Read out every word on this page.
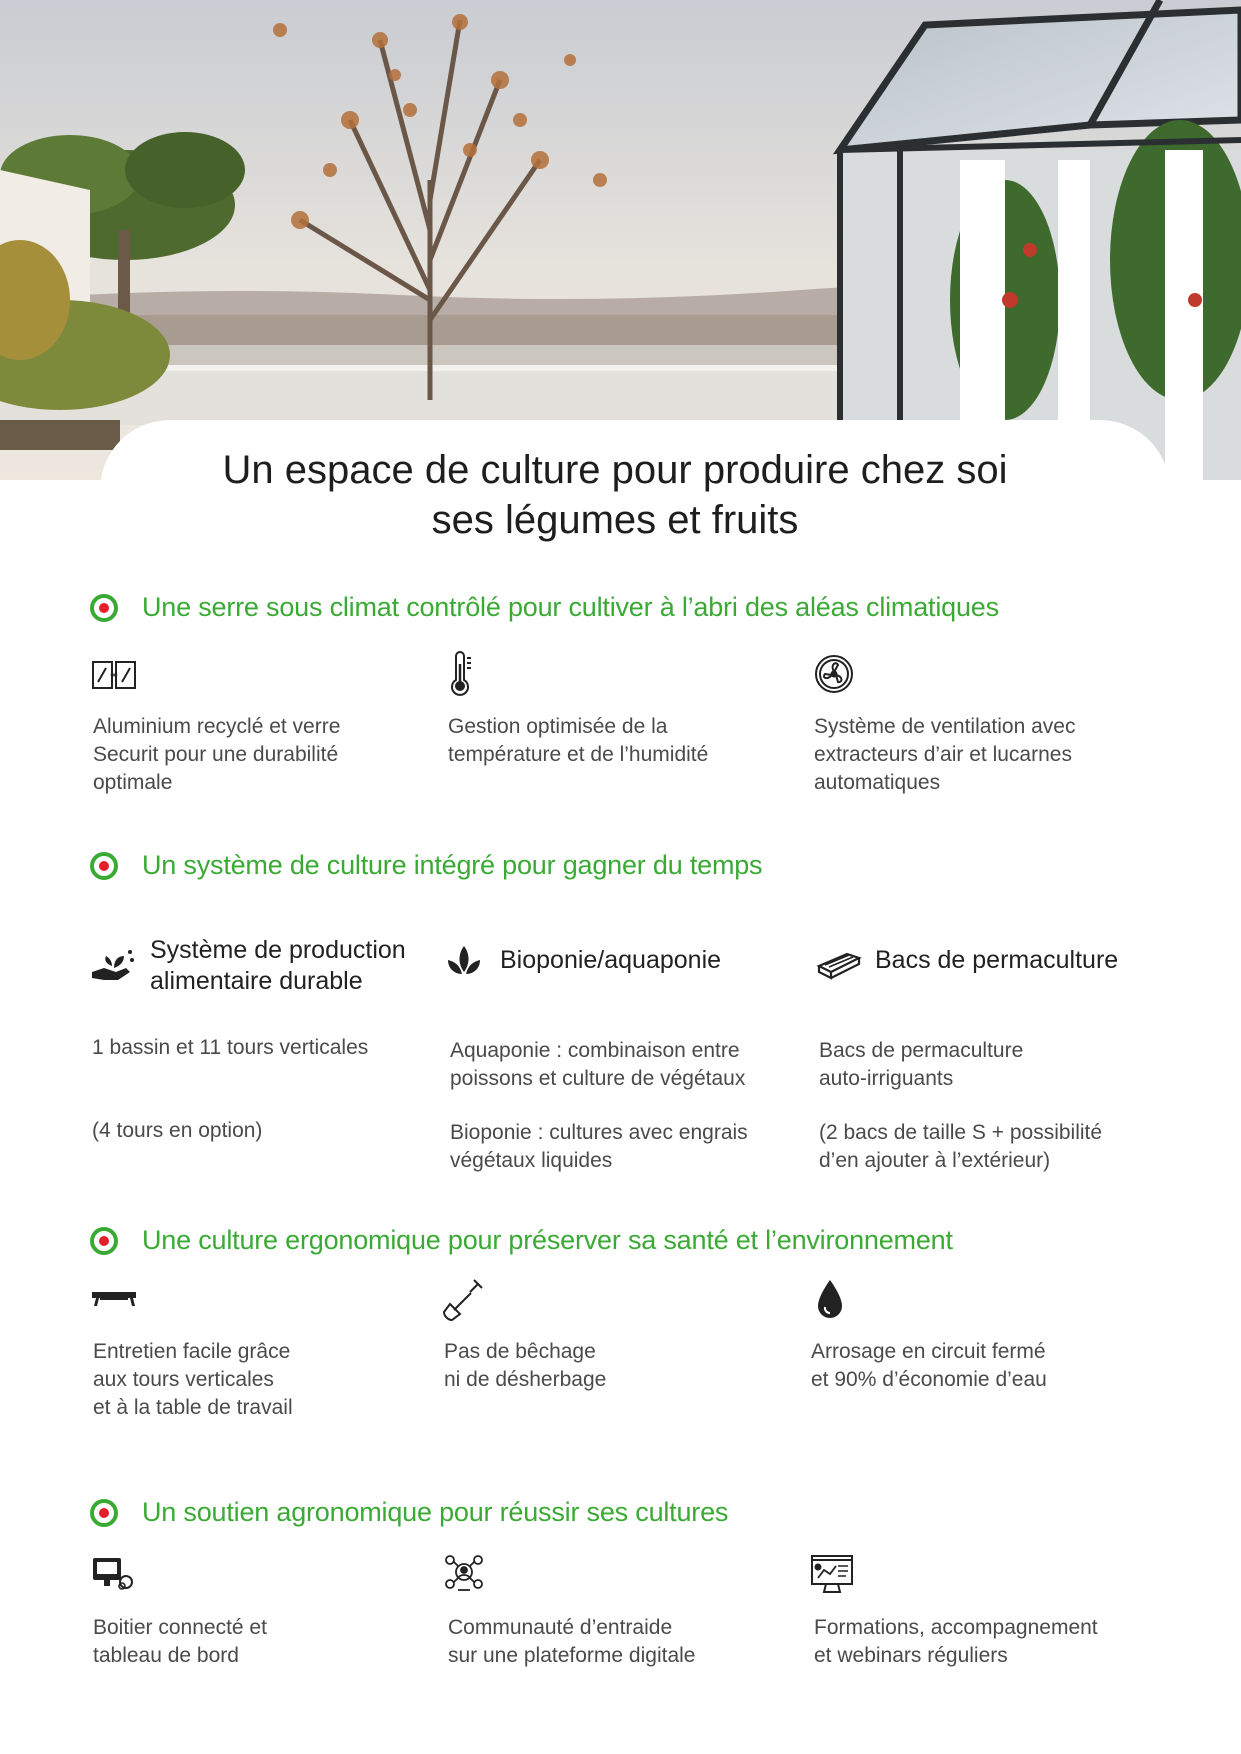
Un espace de culture pour produire chez soi
ses légumes et fruits
Une serre sous climat contrôlé pour cultiver à l’abri des aléas climatiques

Aluminium recyclé et verre
Securit pour une durabilité
optimale

Gestion optimisée de la
température et de l’humidité

Système de ventilation avec
extracteurs d’air et lucarnes
automatiques

Un système de culture intégré pour gagner du temps
Système de production
alimentaire durable

1 bassin et 11 tours verticales

(4 tours en option)

Bioponie/aquaponie

Aquaponie : combinaison entre
poissons et culture de végétaux

Bioponie : cultures avec engrais
végétaux liquides

Bacs de permaculture

Bacs de permaculture
auto-irriguants

(2 bacs de taille S + possibilité
d’en ajouter à l’extérieur)

Une culture ergonomique pour préserver sa santé et l’environnement

Entretien facile grâce
aux tours verticales
et à la table de travail

Pas de bêchage
ni de désherbage

Arrosage en circuit fermé
et 90% d’économie d’eau

Un soutien agronomique pour réussir ses cultures

Boitier connecté et
tableau de bord

Communauté d’entraide
sur une plateforme digitale

Formations, accompagnement
et webinars réguliers
